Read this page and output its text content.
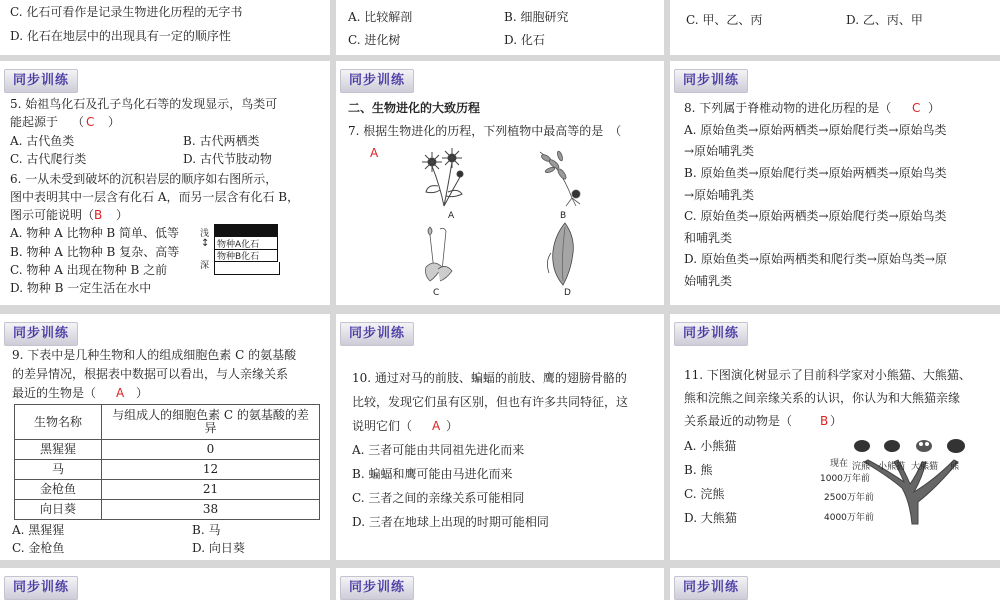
C. 化石可看作是记录生物进化历程的无字书
D. 化石在地层中的出现具有一定的顺序性
A. 比较解剖	B. 细胞研究
C. 进化树	D. 化石
C. 甲、乙、丙	D. 乙、丙、甲
同步训练
5. 始祖鸟化石及孔子鸟化石等的发现显示，鸟类可
能起源于 （ C ）
A. 古代鱼类	B. 古代两栖类
C. 古代爬行类	D. 古代节肢动物
6. 一从未受到破坏的沉积岩层的顺序如右图所示，
图中表明其中一层含有化石 A，而另一层含有化石 B，
图示可能说明（ B ）
A. 物种 A 比物种 B 简单、低等
B. 物种 A 比物种 B 复杂、高等
C. 物种 A 出现在物种 B 之前
D. 物种 B 一定生活在水中
浅
↕
深
物种A化石
物种B化石
同步训练
二、生物进化的大致历程
7. 根据生物进化的历程，下列植物中最高等的是　（
A
A	B
C	D
同步训练
8. 下列属于脊椎动物的进化历程的是（ C ）
A. 原始鱼类→原始两栖类→原始爬行类→原始鸟类
→原始哺乳类
B. 原始鱼类→原始爬行类→原始两栖类→原始鸟类
→原始哺乳类
C. 原始鱼类→原始两栖类→原始爬行类→原始鸟类
和哺乳类
D. 原始鱼类→原始两栖类和爬行类→原始鸟类→原
始哺乳类
同步训练
9. 下表中是几种生物和人的组成细胞色素 C 的氨基酸
的差异情况，根据表中数据可以看出，与人亲缘关系
最近的生物是（ A ）
生物名称	与组成人的细胞色素 C 的氨基酸的差
异
黑猩猩	0
马	12
金枪鱼	21
向日葵	38
A. 黑猩猩	B. 马
C. 金枪鱼	D. 向日葵
同步训练
10. 通过对马的前肢、蝙蝠的前肢、鹰的翅膀骨骼的
比较，发现它们虽有区别，但也有许多共同特征，这
说明它们（ A ）
A. 三者可能由共同祖先进化而来
B. 蝙蝠和鹰可能由马进化而来
C. 三者之间的亲缘关系可能相同
D. 三者在地球上出现的时期可能相同
同步训练
11. 下图演化树显示了目前科学家对小熊猫、大熊猫、
熊和浣熊之间亲缘关系的认识，你认为和大熊猫亲缘
关系最近的动物是（ B ）
A. 小熊猫
B. 熊
C. 浣熊
D. 大熊猫
现在 浣熊 小熊猫 大熊猫 熊
1000万年前
2500万年前
4000万年前
同步训练	同步训练	同步训练
